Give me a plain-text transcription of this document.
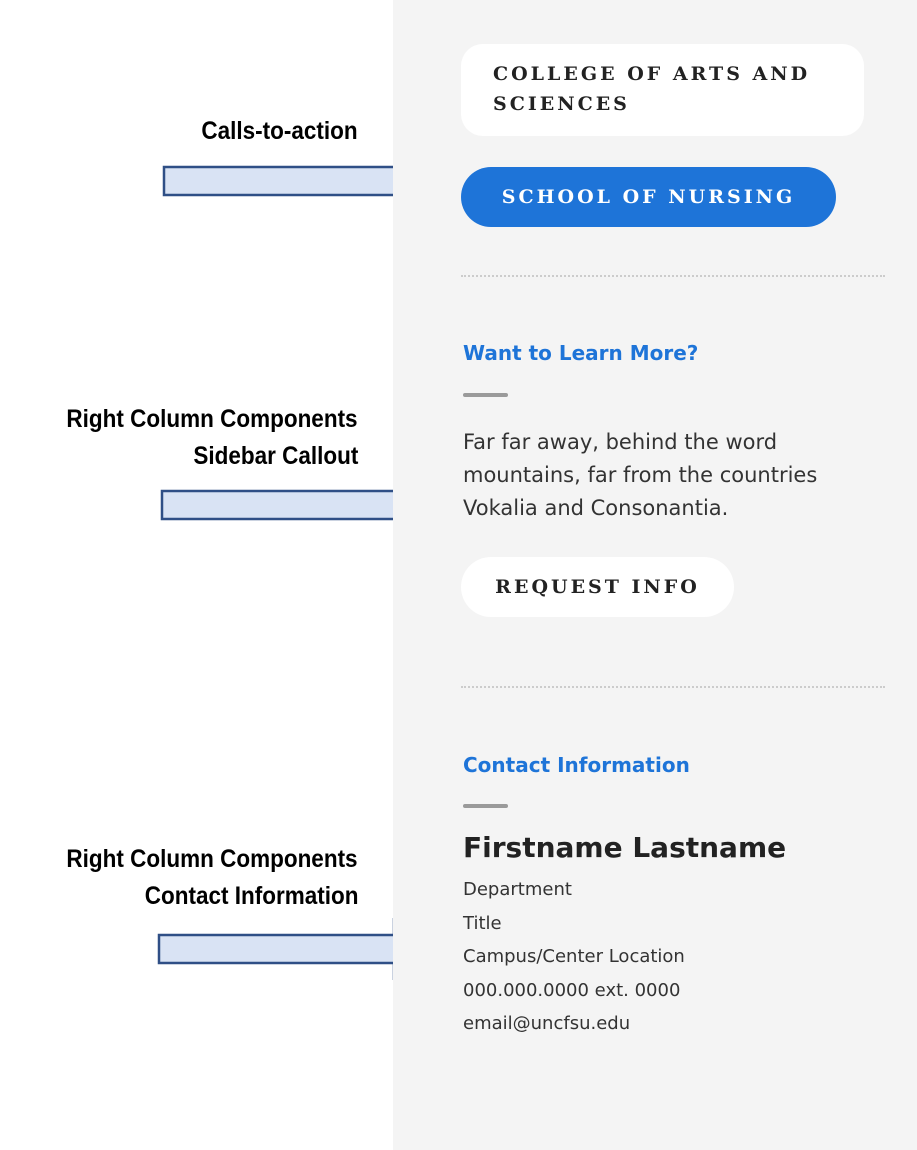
Calls-to-action
Right Column Components
Sidebar Callout
Right Column Components
Contact Information
COLLEGE OF ARTS AND
SCIENCES
SCHOOL OF NURSING
Want to Learn More?
Far far away, behind the word
mountains, far from the countries
Vokalia and Consonantia.
REQUEST INFO
Contact Information
Firstname Lastname
Department
Title
Campus/Center Location
000.000.0000 ext. 0000
email@uncfsu.edu
